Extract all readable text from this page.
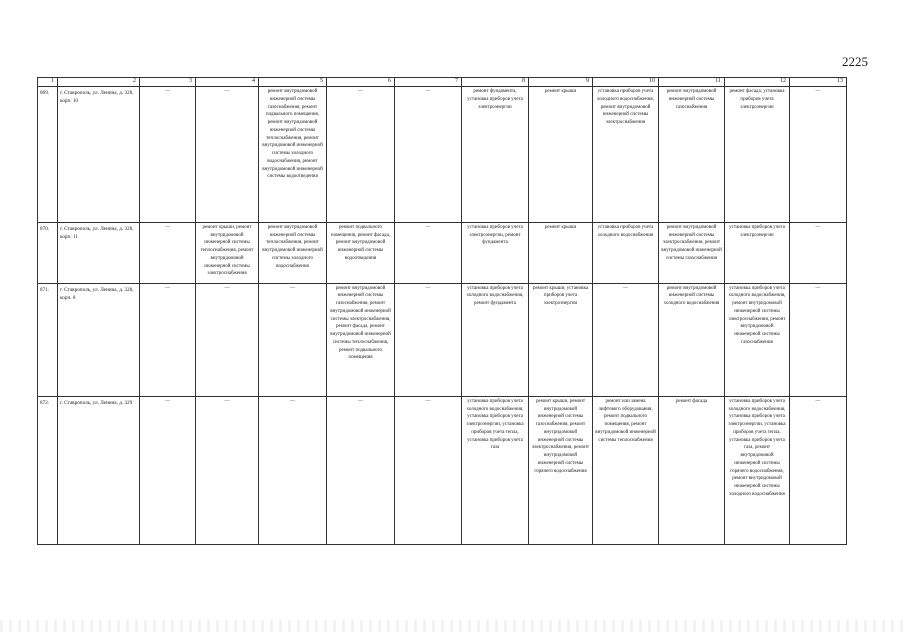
2225
1	2	3	4	5	6	7	8	9	10	11	12	13
869.	г. Ставрополь, ул. Ленина, д. 328, корп. 10	—	—	ремонт внутридомовой инженерной системы газоснабжения, ремонт подвального помещения, ремонт внутридомовой инженерной системы теплоснабжения, ремонт внутридомовой инженерной системы холодного водоснабжения, ремонт внутридомовой инженерной системы водоотведения	—	—	ремонт фундамента, установка приборов учета электроэнергии	ремонт крыши	установка приборов учета холодного водоснабжения, ремонт внутридомовой инженерной системы электроснабжения	ремонт внутридомовой инженерной системы газоснабжения	ремонт фасада, установка приборов учета электроэнергии	—
870.	г. Ставрополь, ул. Ленина, д. 328, корп. 11	—	ремонт крыши, ремонт внутридомовой инженерной системы теплоснабжения, ремонт внутридомовой инженерной системы электроснабжения	ремонт внутридомовой инженерной системы теплоснабжения, ремонт внутридомовой инженерной системы холодного водоснабжения	ремонт подвального помещения, ремонт фасада, ремонт внутридомовой инженерной системы водоотведения	—	установка приборов учета электроэнергии, ремонт фундамента	ремонт крыши	установка приборов учета холодного водоснабжения	ремонт внутридомовой инженерной системы электроснабжения, ремонт внутридомовой инженерной системы газоснабжения	установка приборов учета электроэнергии	—
871.	г. Ставрополь, ул. Ленина, д. 328, корп. 8	—	—	—	ремонт внутридомовой инженерной системы газоснабжения, ремонт внутридомовой инженерной системы электроснабжения, ремонт фасада, ремонт внутридомовой инженерной системы теплоснабжения, ремонт подвального помещения	—	установка приборов учета холодного водоснабжения, ремонт фундамента	ремонт крыши, установка приборов учета электроэнергии	—	ремонт внутридомовой инженерной системы холодного водоснабжения	установка приборов учета холодного водоснабжения, ремонт внутридомовой инженерной системы электроснабжения, ремонт внутридомовой инженерной системы газоснабжения	—
872.	г. Ставрополь, ул. Ленина, д. 329	—	—	—	—	—	установка приборов учета холодного водоснабжения, установка приборов учета электроэнергии, установка приборов учета тепла, установка приборов учета газа	ремонт крыши, ремонт внутридомовой инженерной системы газоснабжения, ремонт внутридомовой инженерной системы электроснабжения, ремонт внутридомовой инженерной системы горячего водоснабжения	ремонт или замена лифтового оборудования, ремонт подвального помещения, ремонт внутридомовой инженерной системы теплоснабжения	ремонт фасада	установка приборов учета холодного водоснабжения, установка приборов учета электроэнергии, установка приборов учета тепла, установка приборов учета газа, ремонт внутридомовой инженерной системы горячего водоснабжения, ремонт внутридомовой инженерной системы холодного водоснабжения	—
